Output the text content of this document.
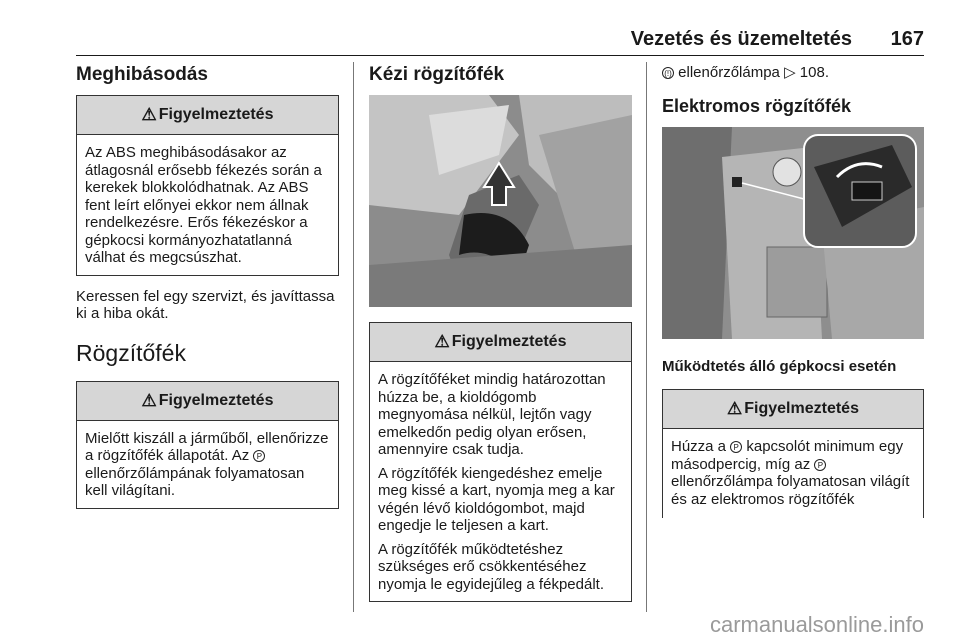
Vezetés és üzemeltetés 167
Meghibásodás
⚠ Figyelmeztetés

Az ABS meghibásodásakor az átlagosnál erősebb fékezés során a kerekek blokkolódhatnak. Az ABS fent leírt előnyei ekkor nem állnak rendelkezésre. Erős fékezéskor a gépkocsi kormányozhatatlanná válhat és megcsúszhat.

Keressen fel egy szervizt, és javíttassa ki a hiba okát.

Rögzítőfék
⚠ Figyelmeztetés

Mielőtt kiszáll a járműből, ellenőrizze a rögzítőfék állapotát. Az P ellenőrzőlámpának folyamatosan kell világítani.

Kézi rögzítőfék
⚠ Figyelmeztetés

A rögzítőféket mindig határozottan húzza be, a kioldógomb megnyomása nélkül, lejtőn vagy emelkedőn pedig olyan erősen, amennyire csak tudja.

A rögzítőfék kiengedéshez emelje meg kissé a kart, nyomja meg a kar végén lévő kioldógombot, majd engedje le teljesen a kart.

A rögzítőfék működtetéshez szükséges erő csökkentéséhez nyomja le egyidejűleg a fékpedált.

(!) ellenőrzőlámpa ▷ 108.

Elektromos rögzítőfék
Működtetés álló gépkocsi esetén
⚠ Figyelmeztetés

Húzza a P kapcsolót minimum egy másodpercig, míg az P ellenőrzőlámpa folyamatosan világít és az elektromos rögzítőfék

carmanualsonline.info
